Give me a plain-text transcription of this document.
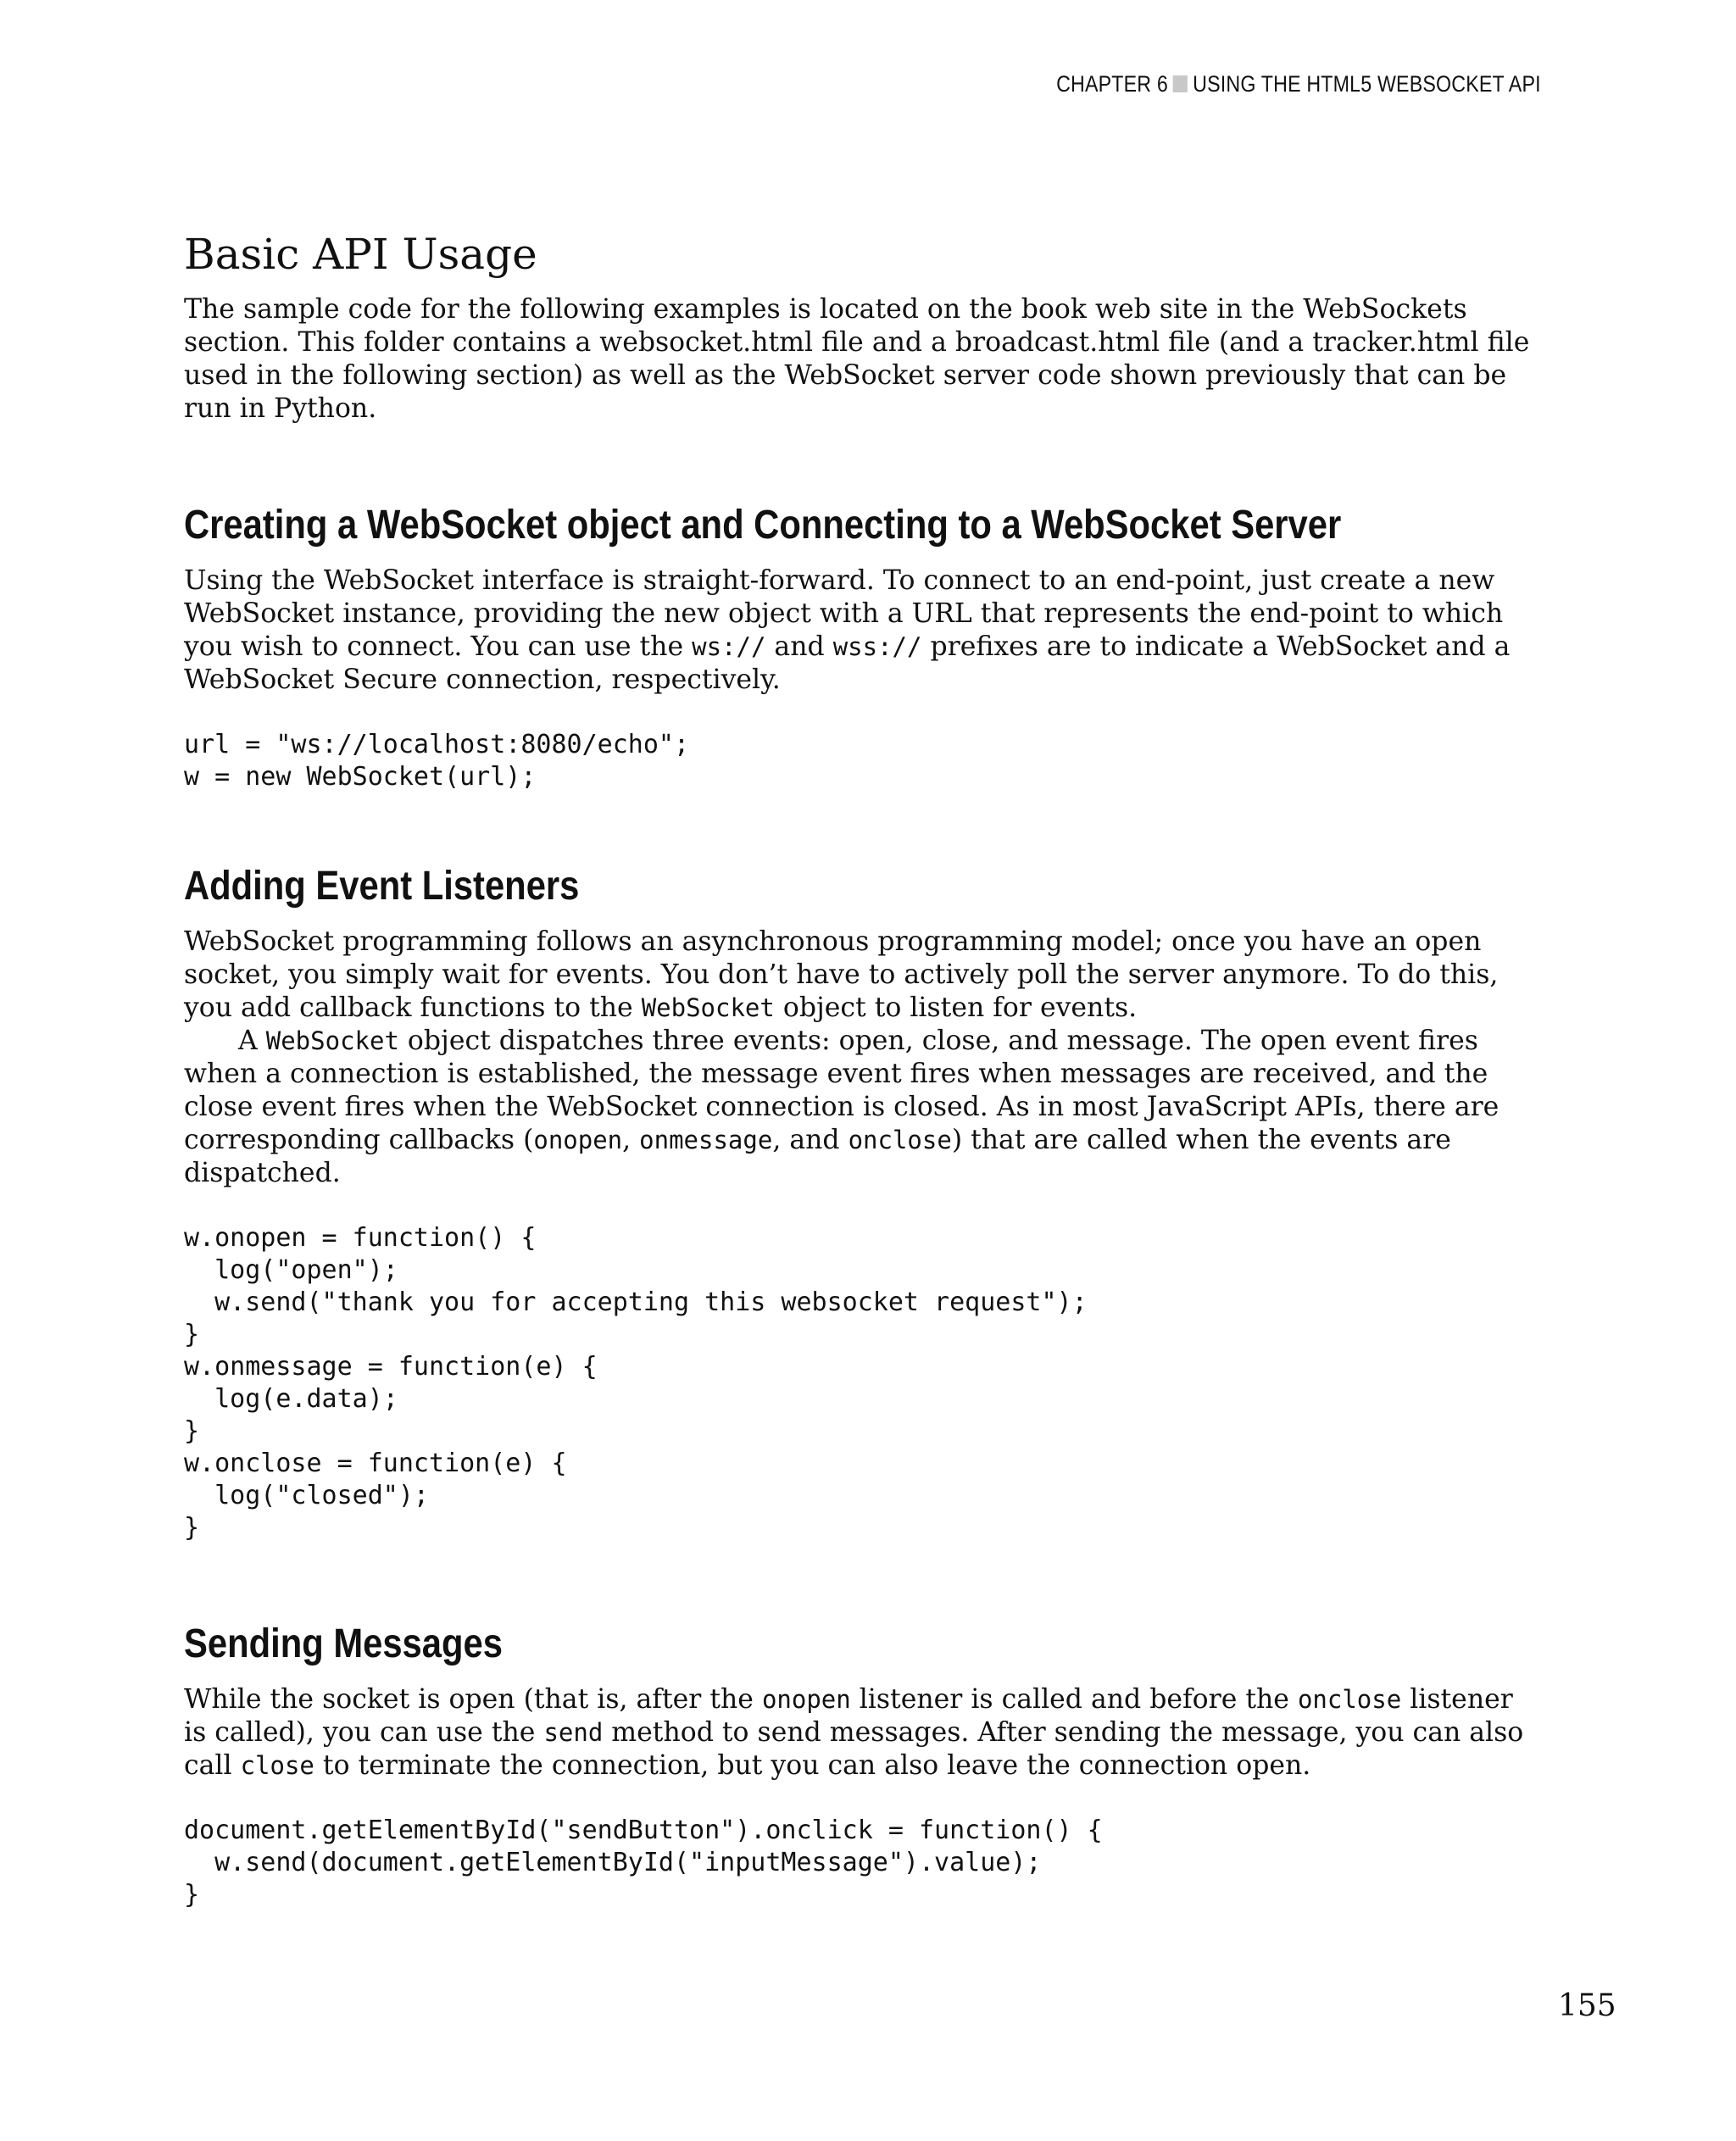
CHAPTER 6 USING THE HTML5 WEBSOCKET API
Basic API Usage

The sample code for the following examples is located on the book web site in the WebSockets section. This folder contains a websocket.html file and a broadcast.html file (and a tracker.html file used in the following section) as well as the WebSocket server code shown previously that can be run in Python.

Creating a WebSocket object and Connecting to a WebSocket Server

Using the WebSocket interface is straight-forward. To connect to an end-point, just create a new WebSocket instance, providing the new object with a URL that represents the end-point to which you wish to connect. You can use the ws:// and wss:// prefixes are to indicate a WebSocket and a WebSocket Secure connection, respectively.

url = "ws://localhost:8080/echo";
w = new WebSocket(url);
Adding Event Listeners

WebSocket programming follows an asynchronous programming model; once you have an open socket, you simply wait for events. You don’t have to actively poll the server anymore. To do this, you add callback functions to the WebSocket object to listen for events.

A WebSocket object dispatches three events: open, close, and message. The open event fires when a connection is established, the message event fires when messages are received, and the close event fires when the WebSocket connection is closed. As in most JavaScript APIs, there are corresponding callbacks (onopen, onmessage, and onclose) that are called when the events are dispatched.

w.onopen = function() {
log("open");
w.send("thank you for accepting this websocket request");
}
w.onmessage = function(e) {
log(e.data);
}
w.onclose = function(e) {
log("closed");
}
Sending Messages

While the socket is open (that is, after the onopen listener is called and before the onclose listener is called), you can use the send method to send messages. After sending the message, you can also call close to terminate the connection, but you can also leave the connection open.

document.getElementById("sendButton").onclick = function() {
w.send(document.getElementById("inputMessage").value);
}
155
